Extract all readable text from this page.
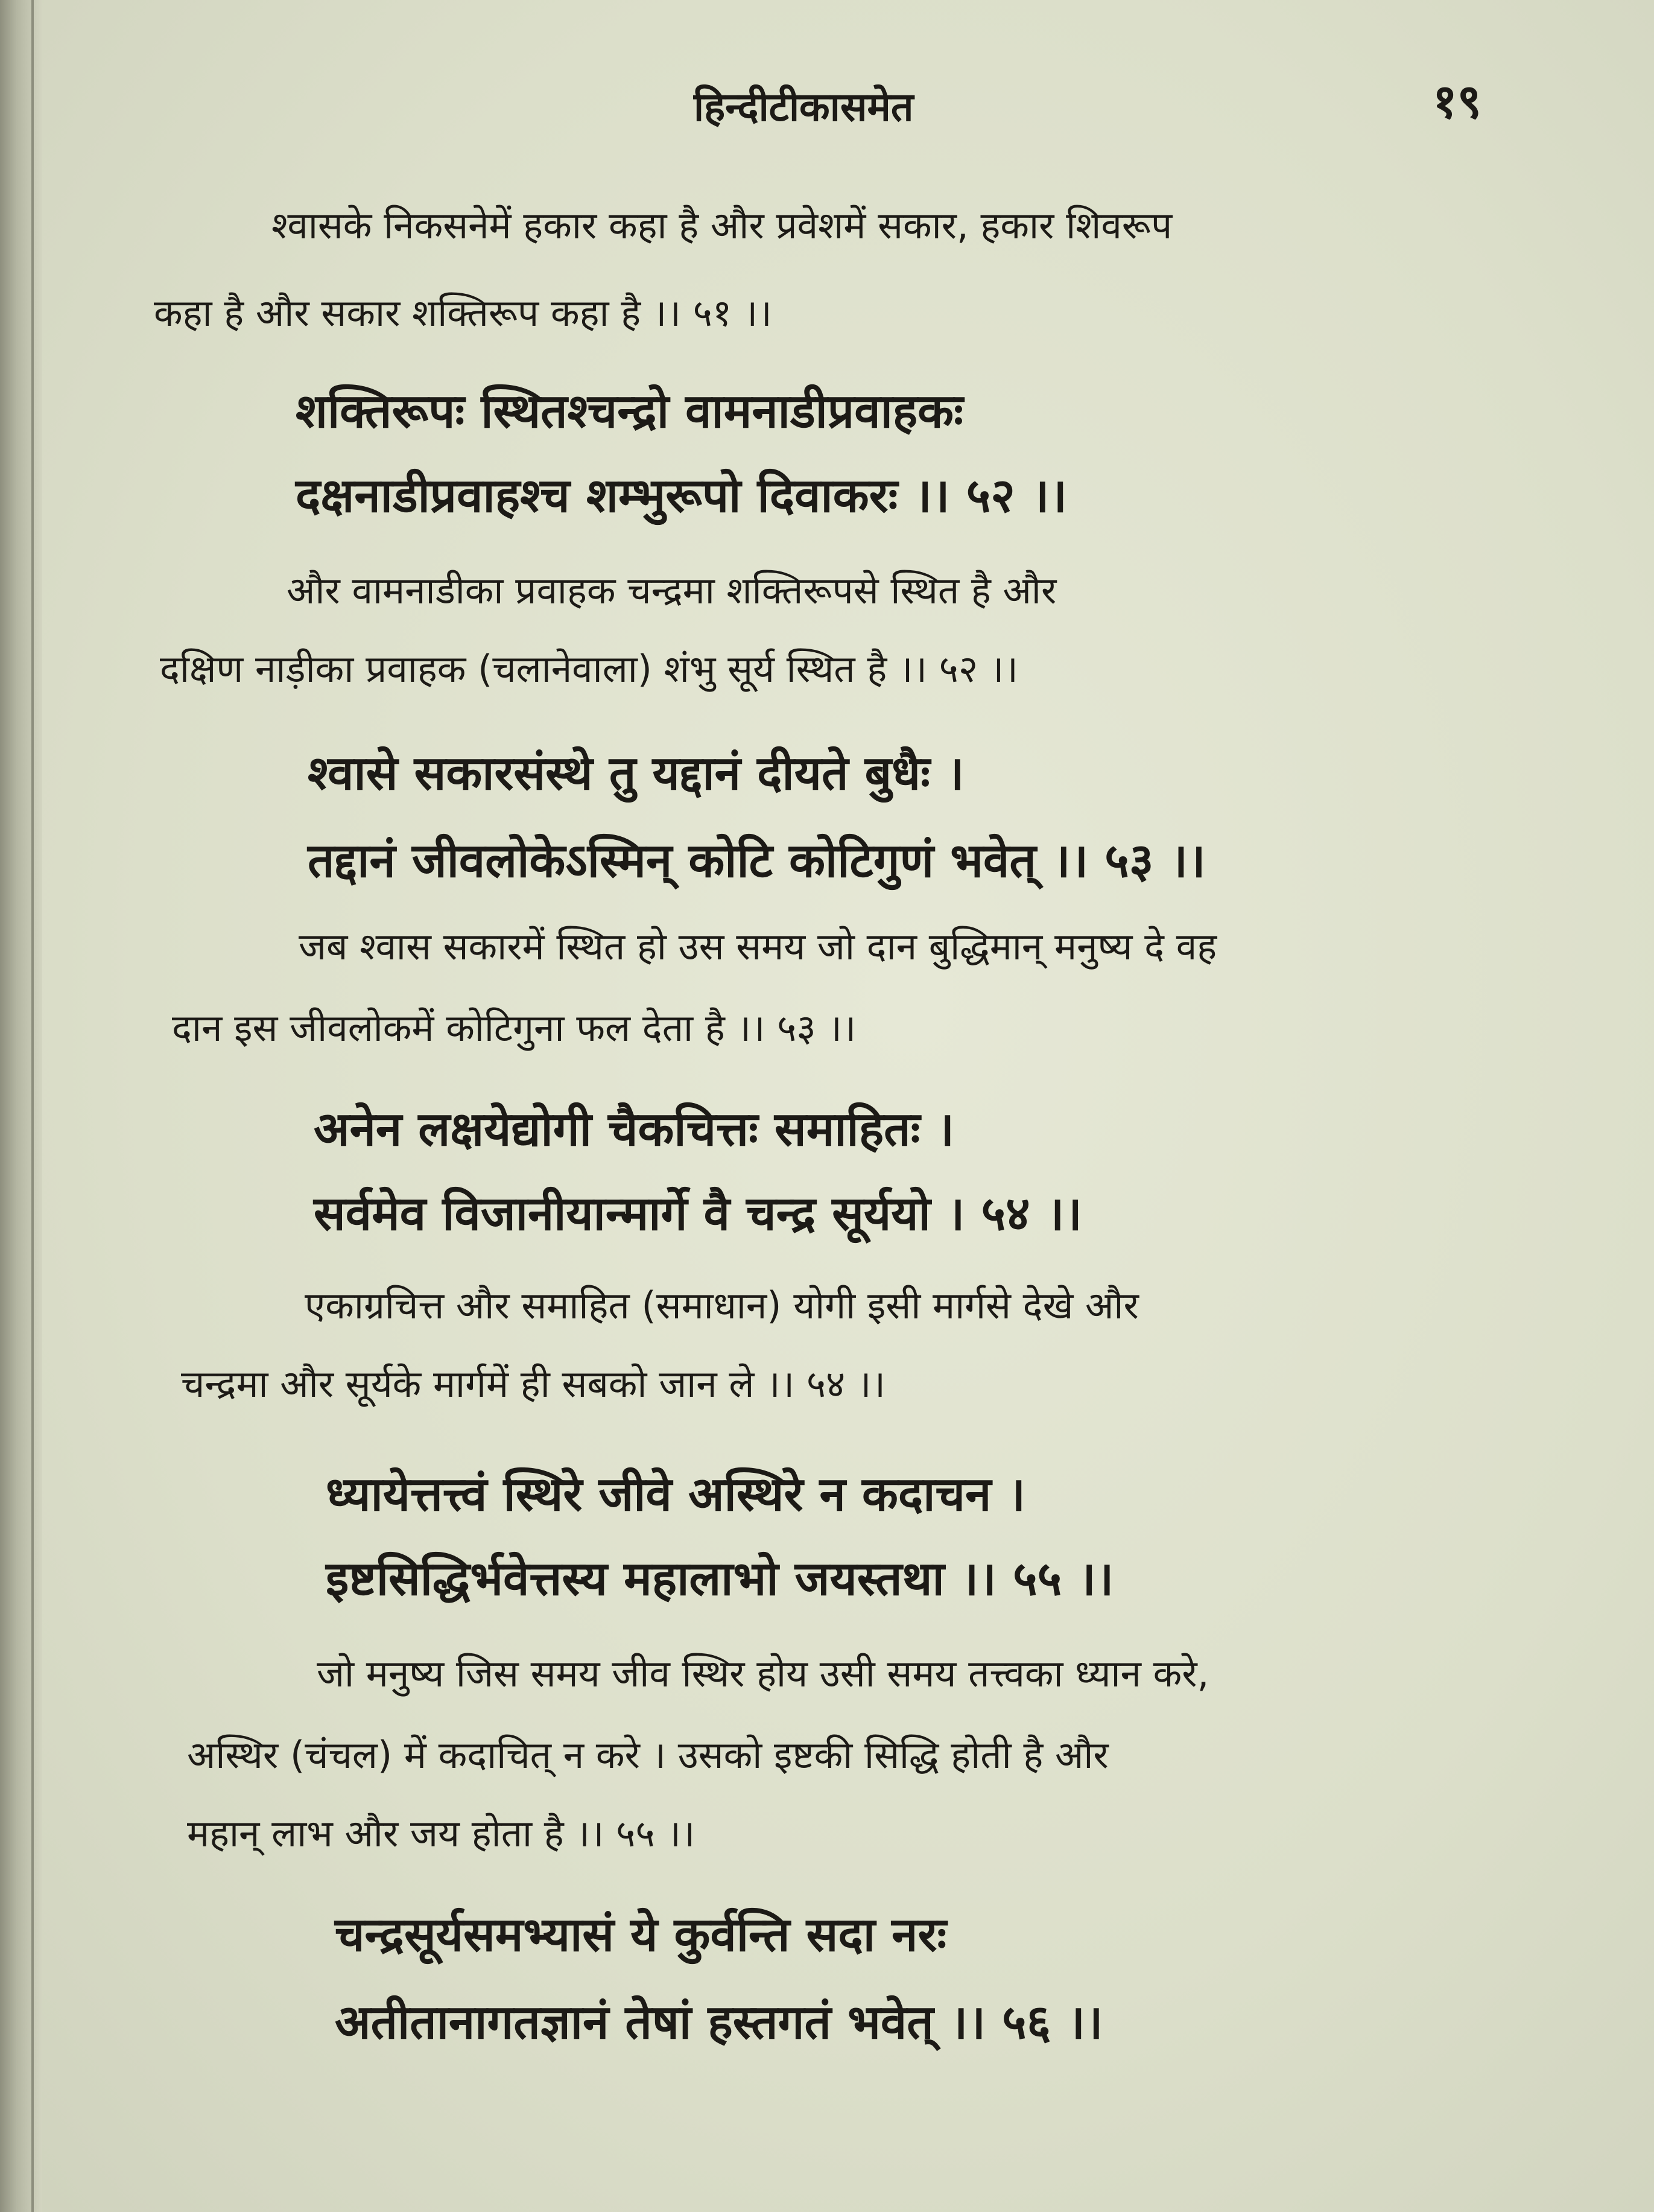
हिन्दीटीकासमेत	१९
श्वासके निकसनेमें हकार कहा है और प्रवेशमें सकार, हकार शिवरूप
कहा है और सकार शक्तिरूप कहा है ।। ५१ ।।
शक्तिरूपः स्थितश्चन्द्रो वामनाडीप्रवाहकः
दक्षनाडीप्रवाहश्च शम्भुरूपो दिवाकरः ।। ५२ ।।
और वामनाडीका प्रवाहक चन्द्रमा शक्तिरूपसे स्थित है और
दक्षिण नाड़ीका प्रवाहक (चलानेवाला) शंभु सूर्य स्थित है ।। ५२ ।।
श्वासे सकारसंस्थे तु यद्दानं दीयते बुधैः ।
तद्दानं जीवलोकेऽस्मिन् कोटि कोटिगुणं भवेत् ।। ५३ ।।
जब श्वास सकारमें स्थित हो उस समय जो दान बुद्धिमान् मनुष्य दे वह
दान इस जीवलोकमें कोटिगुना फल देता है ।। ५३ ।।
अनेन लक्षयेद्योगी चैकचित्तः समाहितः ।
सर्वमेव विजानीयान्मार्गे वै चन्द्र सूर्ययो । ५४ ।।
एकाग्रचित्त और समाहित (समाधान) योगी इसी मार्गसे देखे और
चन्द्रमा और सूर्यके मार्गमें ही सबको जान ले ।। ५४ ।।
ध्यायेत्तत्त्वं स्थिरे जीवे अस्थिरे न कदाचन ।
इष्टसिद्धिर्भवेत्तस्य महालाभो जयस्तथा ।। ५५ ।।
जो मनुष्य जिस समय जीव स्थिर होय उसी समय तत्त्वका ध्यान करे,
अस्थिर (चंचल) में कदाचित् न करे । उसको इष्टकी सिद्धि होती है और
महान् लाभ और जय होता है ।। ५५ ।।
चन्द्रसूर्यसमभ्यासं ये कुर्वन्ति सदा नरः
अतीतानागतज्ञानं तेषां हस्तगतं भवेत् ।। ५६ ।।
